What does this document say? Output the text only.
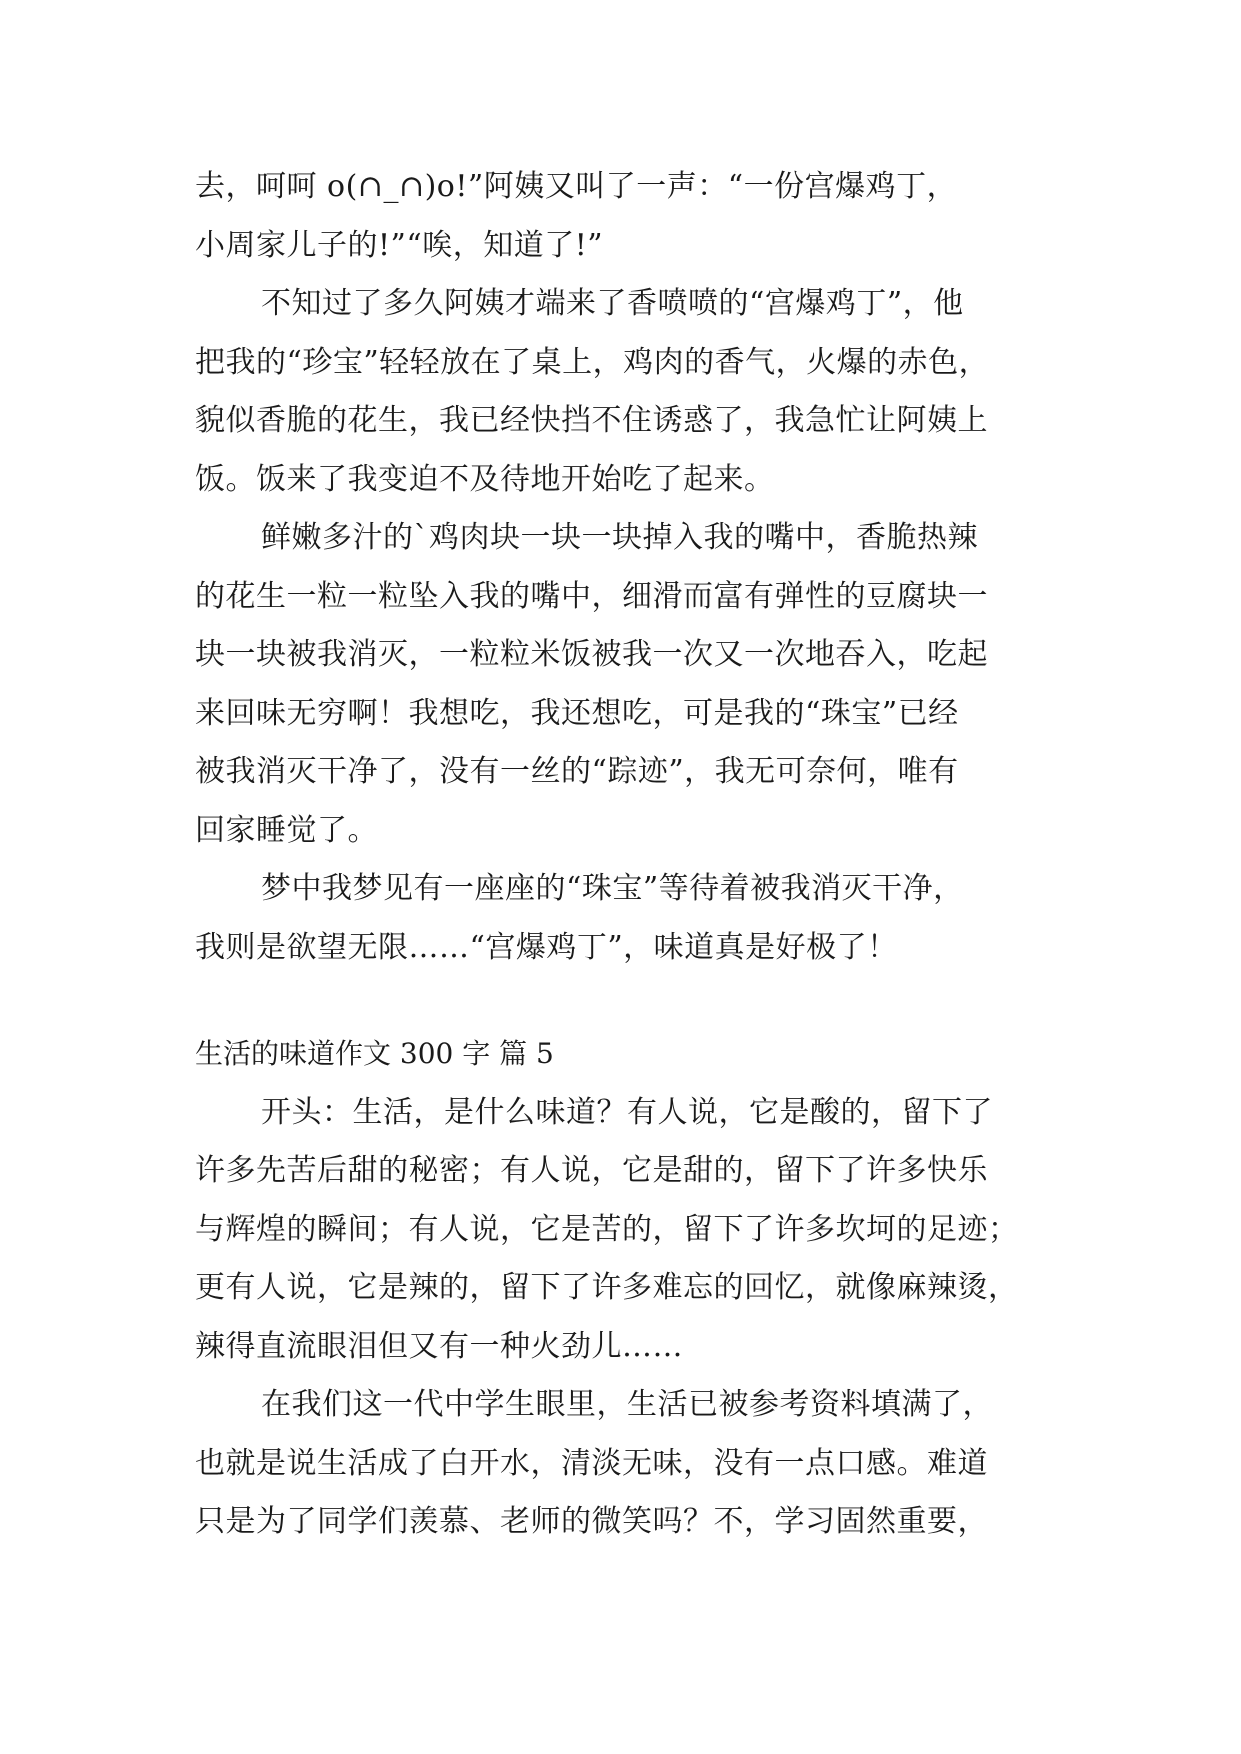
去，呵呵 o(∩_∩)o!”阿姨又叫了一声：“一份宫爆鸡丁，
小周家儿子的!”“唉，知道了!”
不知过了多久阿姨才端来了香喷喷的“宫爆鸡丁”，他
把我的“珍宝”轻轻放在了桌上，鸡肉的香气，火爆的赤色，
貌似香脆的花生，我已经快挡不住诱惑了，我急忙让阿姨上
饭。饭来了我变迫不及待地开始吃了起来。
鲜嫩多汁的`鸡肉块一块一块掉入我的嘴中，香脆热辣
的花生一粒一粒坠入我的嘴中，细滑而富有弹性的豆腐块一
块一块被我消灭，一粒粒米饭被我一次又一次地吞入，吃起
来回味无穷啊！我想吃，我还想吃，可是我的“珠宝”已经
被我消灭干净了，没有一丝的“踪迹”，我无可奈何，唯有
回家睡觉了。
梦中我梦见有一座座的“珠宝”等待着被我消灭干净，
我则是欲望无限……“宫爆鸡丁”，味道真是好极了！
生活的味道作文 300 字 篇 5
开头：生活，是什么味道？有人说，它是酸的，留下了
许多先苦后甜的秘密；有人说，它是甜的，留下了许多快乐
与辉煌的瞬间；有人说，它是苦的，留下了许多坎坷的足迹；
更有人说，它是辣的，留下了许多难忘的回忆，就像麻辣烫，
辣得直流眼泪但又有一种火劲儿……
在我们这一代中学生眼里，生活已被参考资料填满了，
也就是说生活成了白开水，清淡无味，没有一点口感。难道
只是为了同学们羡慕、老师的微笑吗？不，学习固然重要，
